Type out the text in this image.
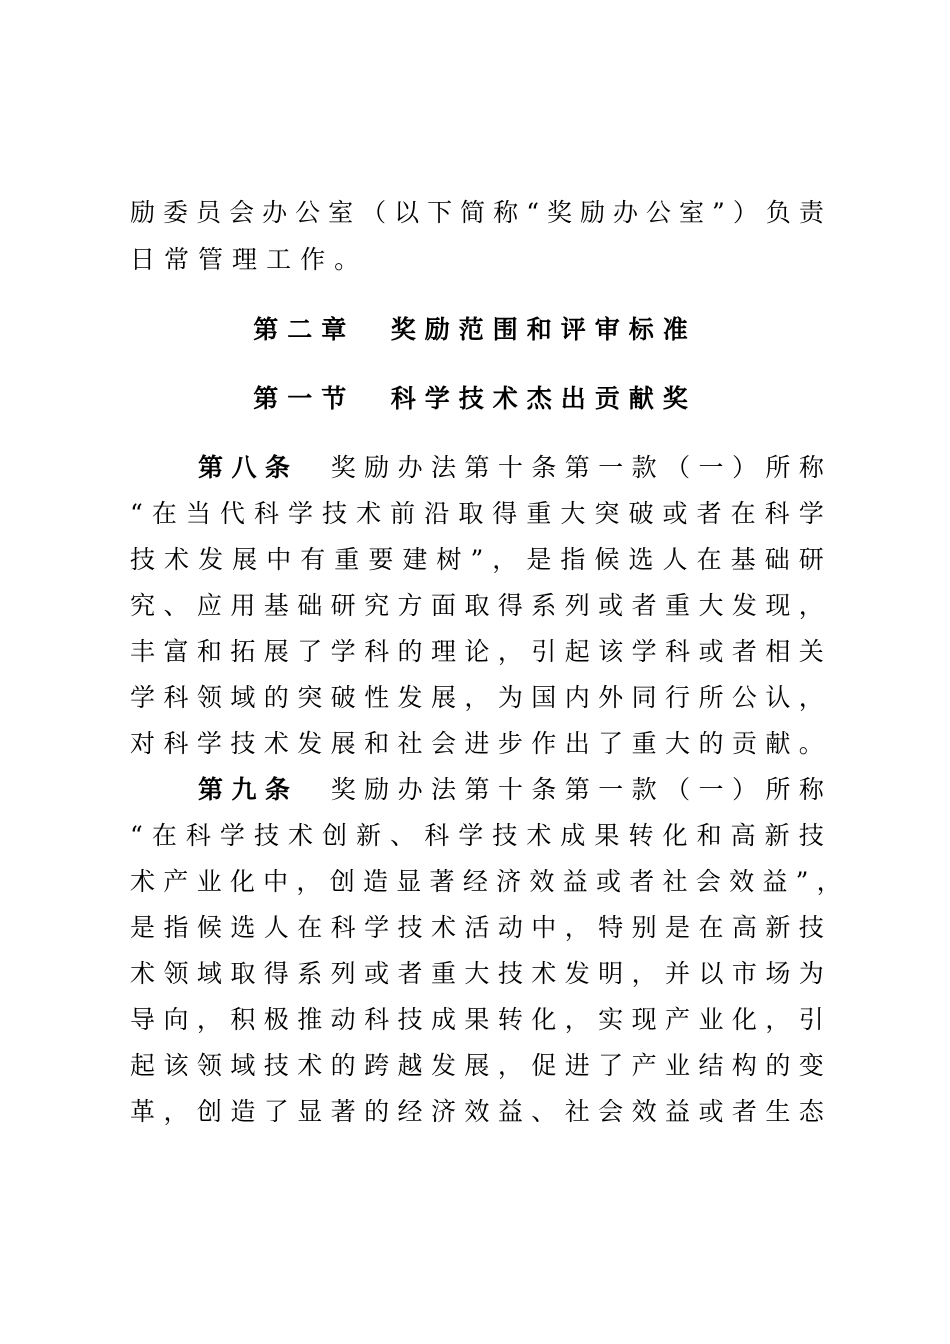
励 委 员 会 办 公 室 （ 以 下 简 称 “ 奖 励 办 公 室 ” ） 负 责
日 常 管 理 工 作 。
第 八 条 奖 励 办 法 第 十 条 第 一 款 （ 一 ） 所 称
“ 在 当 代 科 学 技 术 前 沿 取 得 重 大 突 破 或 者 在 科 学
技 术 发 展 中 有 重 要 建 树 ” ， 是 指 候 选 人 在 基 础 研
究 、 应 用 基 础 研 究 方 面 取 得 系 列 或 者 重 大 发 现 ，
丰 富 和 拓 展 了 学 科 的 理 论 ， 引 起 该 学 科 或 者 相 关
学 科 领 域 的 突 破 性 发 展 ， 为 国 内 外 同 行 所 公 认 ，
对 科 学 技 术 发 展 和 社 会 进 步 作 出 了 重 大 的 贡 献 。
第 九 条 奖 励 办 法 第 十 条 第 一 款 （ 一 ） 所 称
“ 在 科 学 技 术 创 新 、 科 学 技 术 成 果 转 化 和 高 新 技
术 产 业 化 中 ， 创 造 显 著 经 济 效 益 或 者 社 会 效 益 ” ，
是 指 候 选 人 在 科 学 技 术 活 动 中 ， 特 别 是 在 高 新 技
术 领 域 取 得 系 列 或 者 重 大 技 术 发 明 ， 并 以 市 场 为
导 向 ， 积 极 推 动 科 技 成 果 转 化 ， 实 现 产 业 化 ， 引
起 该 领 域 技 术 的 跨 越 发 展 ， 促 进 了 产 业 结 构 的 变
革 ， 创 造 了 显 著 的 经 济 效 益 、 社 会 效 益 或 者 生 态
第二章  奖励范围和评审标准
第一节  科学技术杰出贡献奖
